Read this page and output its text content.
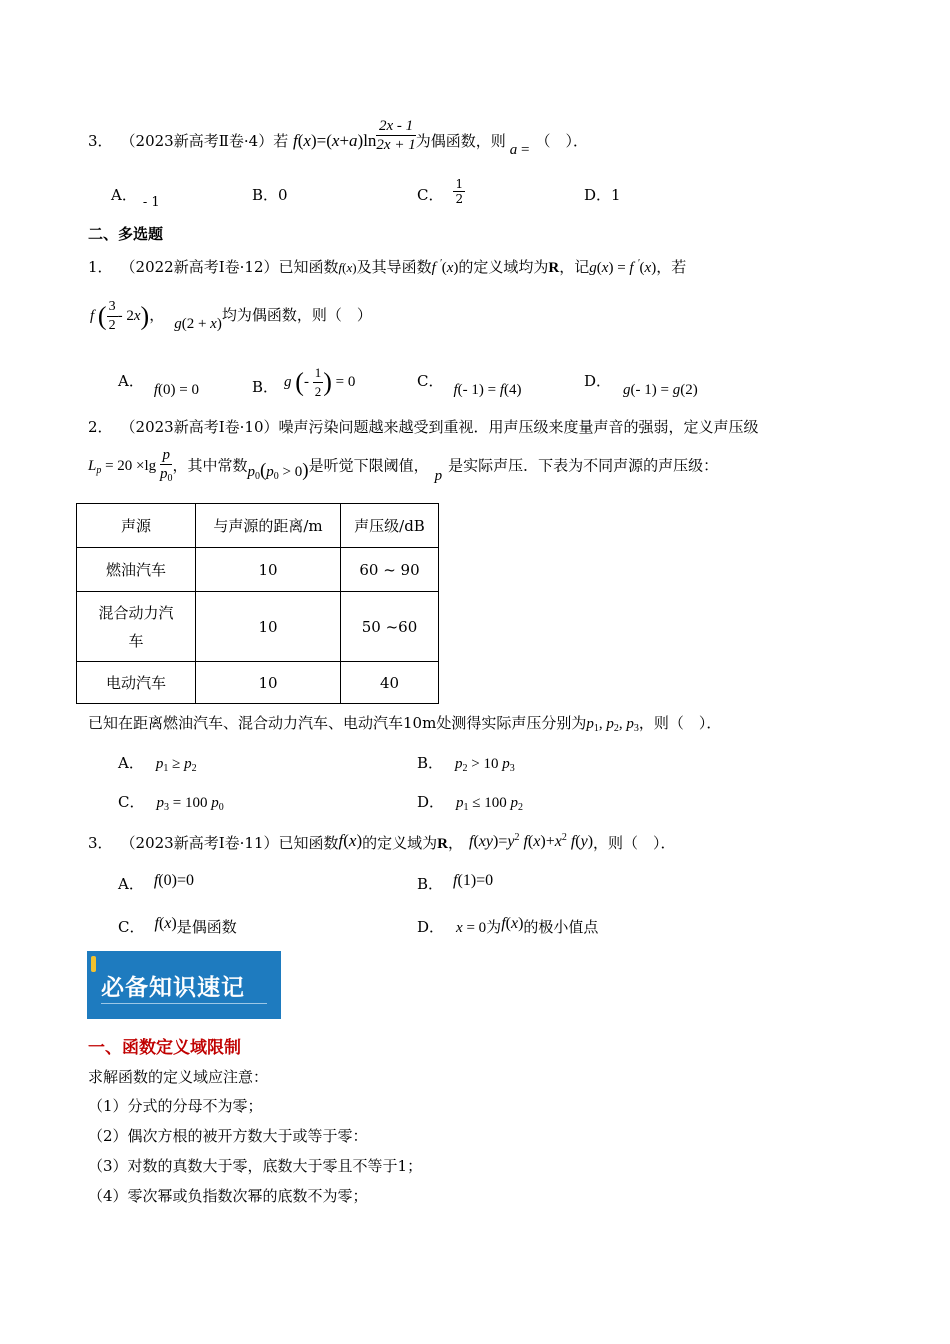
3． （2023新高考Ⅱ卷·4）若 $f(x)=(x+a)\ln \frac{2x - 1}{2x + 1}$ 为偶函数，则 a = （　）．
A． - 1	B．0	C． $\frac{1}{2}$	D．1
二、多选题
1． （2022新高考Ⅰ卷·12）已知函数f(x)及其导函数f ′(x)的定义域均为R，记g(x) = f ′(x)，若
f ( $\frac{3}{2} - 2x$)， g(2 + x)均为偶函数，则（　）
A． f(0) = 0	B． g (- $\frac{1}{2}$ ) = 0	C． f(- 1) = f(4)	D． g(- 1) = g(2)
2． （2023新高考Ⅰ卷·10）噪声污染问题越来越受到重视．用声压级来度量声音的强弱，定义声压级
$L_p = 20 \times\lg \frac{p}{p_0}$ ，其中常数$p_0(p_0 > 0)$是听觉下限阈值，p是实际声压．下表为不同声源的声压级：
声源	与声源的距离/m	声压级/dB
燃油汽车	10	60 ~ 90
混合动力汽
车	10	50 ~60
电动汽车	10	40
已知在距离燃油汽车、混合动力汽车、电动汽车10m处测得实际声压分别为$p_1$, $p_2$, $p_3$，则（　）．
A． $p_1 \ge p_2$	B． $p_2 > 10$ $p_3$
C． $p_3 = 100$ $p_0$	D． $p_1 \le 100$ $p_2$
3． （2023新高考Ⅰ卷·11）已知函数f(x)的定义域为R， $f(xy)=y^2$ $f(x)+x^2$ f(y)，则（　）．
A． f(0)=0	B． f(1)=0
C． f(x)是偶函数	D． x = 0为f(x)的极小值点
必备知识速记
一、函数定义域限制
求解函数的定义域应注意：
（1）分式的分母不为零；
（2）偶次方根的被开方数大于或等于零：
（3）对数的真数大于零，底数大于零且不等于1；
（4）零次幂或负指数次幂的底数不为零；
